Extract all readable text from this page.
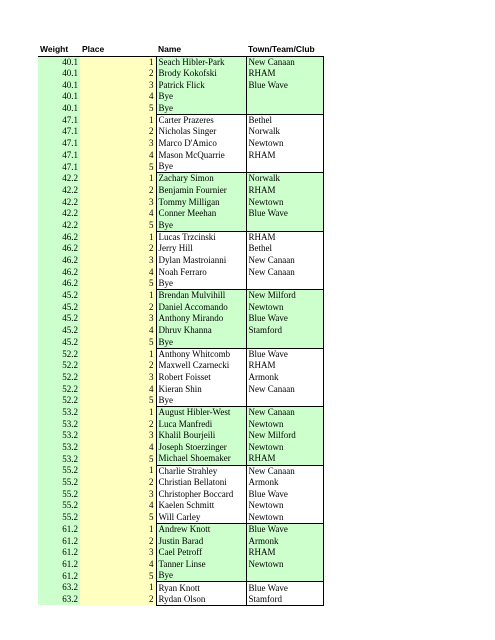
Weight	Place	Name	Town/Team/Club
40.1	1	Seach Hibler-Park	New Canaan
40.1	2	Brody Kokofski	RHAM
40.1	3	Patrick Flick	Blue Wave
40.1	4	Bye	
40.1	5	Bye	
47.1	1	Carter Prazeres	Bethel
47.1	2	Nicholas Singer	Norwalk
47.1	3	Marco D'Amico	Newtown
47.1	4	Mason McQuarrie	RHAM
47.1	5	Bye	
42.2	1	Zachary Simon	Norwalk
42.2	2	Benjamin Fournier	RHAM
42.2	3	Tommy Milligan	Newtown
42.2	4	Conner Meehan	Blue Wave
42.2	5	Bye	
46.2	1	Lucas Trzcinski	RHAM
46.2	2	Jerry Hill	Bethel
46.2	3	Dylan Mastroianni	New Canaan
46.2	4	Noah Ferraro	New Canaan
46.2	5	Bye	
45.2	1	Brendan Mulvihill	New Milford
45.2	2	Daniel Accomando	Newtown
45.2	3	Anthony Mirando	Blue Wave
45.2	4	Dhruv Khanna	Stamford
45.2	5	Bye	
52.2	1	Anthony Whitcomb	Blue Wave
52.2	2	Maxwell Czarnecki	RHAM
52.2	3	Robert Foisset	Armonk
52.2	4	Kieran Shin	New Canaan
52.2	5	Bye	
53.2	1	August Hibler-West	New Canaan
53.2	2	Luca Manfredi	Newtown
53.2	3	Khalil Bourjeili	New Milford
53.2	4	Joseph Stoerzinger	Newtown
53.2	5	Michael Shoemaker	RHAM
55.2	1	Charlie Strahley	New Canaan
55.2	2	Christian Bellatoni	Armonk
55.2	3	Christopher Boccard	Blue Wave
55.2	4	Kaelen Schmitt	Newtown
55.2	5	Will Carley	Newtown
61.2	1	Andrew Knott	Blue Wave
61.2	2	Justin Barad	Armonk
61.2	3	Cael Petroff	RHAM
61.2	4	Tanner Linse	Newtown
61.2	5	Bye	
63.2	1	Ryan Knott	Blue Wave
63.2	2	Rydan Olson	Stamford
